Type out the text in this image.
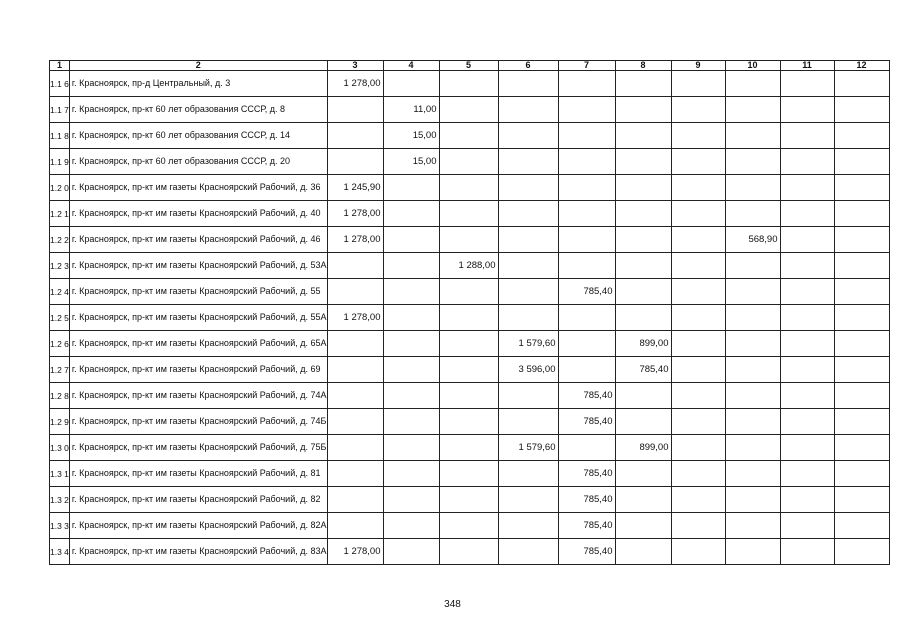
1	2	3	4	5	6	7	8	9	10	11	12
1.1 6	г. Красноярск, пр-д Центральный, д. 3	1 278,00									
1.1 7	г. Красноярск, пр-кт 60 лет образования СССР, д. 8		11,00								
1.1 8	г. Красноярск, пр-кт 60 лет образования СССР, д. 14		15,00								
1.1 9	г. Красноярск, пр-кт 60 лет образования СССР, д. 20		15,00								
1.2 0	г. Красноярск, пр-кт им газеты Красноярский Рабочий, д. 36	1 245,90									
1.2 1	г. Красноярск, пр-кт им газеты Красноярский Рабочий, д. 40	1 278,00									
1.2 2	г. Красноярск, пр-кт им газеты Красноярский Рабочий, д. 46	1 278,00							568,90		
1.2 3	г. Красноярск, пр-кт им газеты Красноярский Рабочий, д. 53А			1 288,00							
1.2 4	г. Красноярск, пр-кт им газеты Красноярский Рабочий, д. 55					785,40					
1.2 5	г. Красноярск, пр-кт им газеты Красноярский Рабочий, д. 55А	1 278,00									
1.2 6	г. Красноярск, пр-кт им газеты Красноярский Рабочий, д. 65А				1 579,60		899,00				
1.2 7	г. Красноярск, пр-кт им газеты Красноярский Рабочий, д. 69				3 596,00		785,40				
1.2 8	г. Красноярск, пр-кт им газеты Красноярский Рабочий, д. 74А					785,40					
1.2 9	г. Красноярск, пр-кт им газеты Красноярский Рабочий, д. 74Б					785,40					
1.3 0	г. Красноярск, пр-кт им газеты Красноярский Рабочий, д. 75Б				1 579,60		899,00				
1.3 1	г. Красноярск, пр-кт им газеты Красноярский Рабочий, д. 81					785,40					
1.3 2	г. Красноярск, пр-кт им газеты Красноярский Рабочий, д. 82					785,40					
1.3 3	г. Красноярск, пр-кт им газеты Красноярский Рабочий, д. 82А					785,40					
1.3 4	г. Красноярск, пр-кт им газеты Красноярский Рабочий, д. 83А	1 278,00				785,40					
348
